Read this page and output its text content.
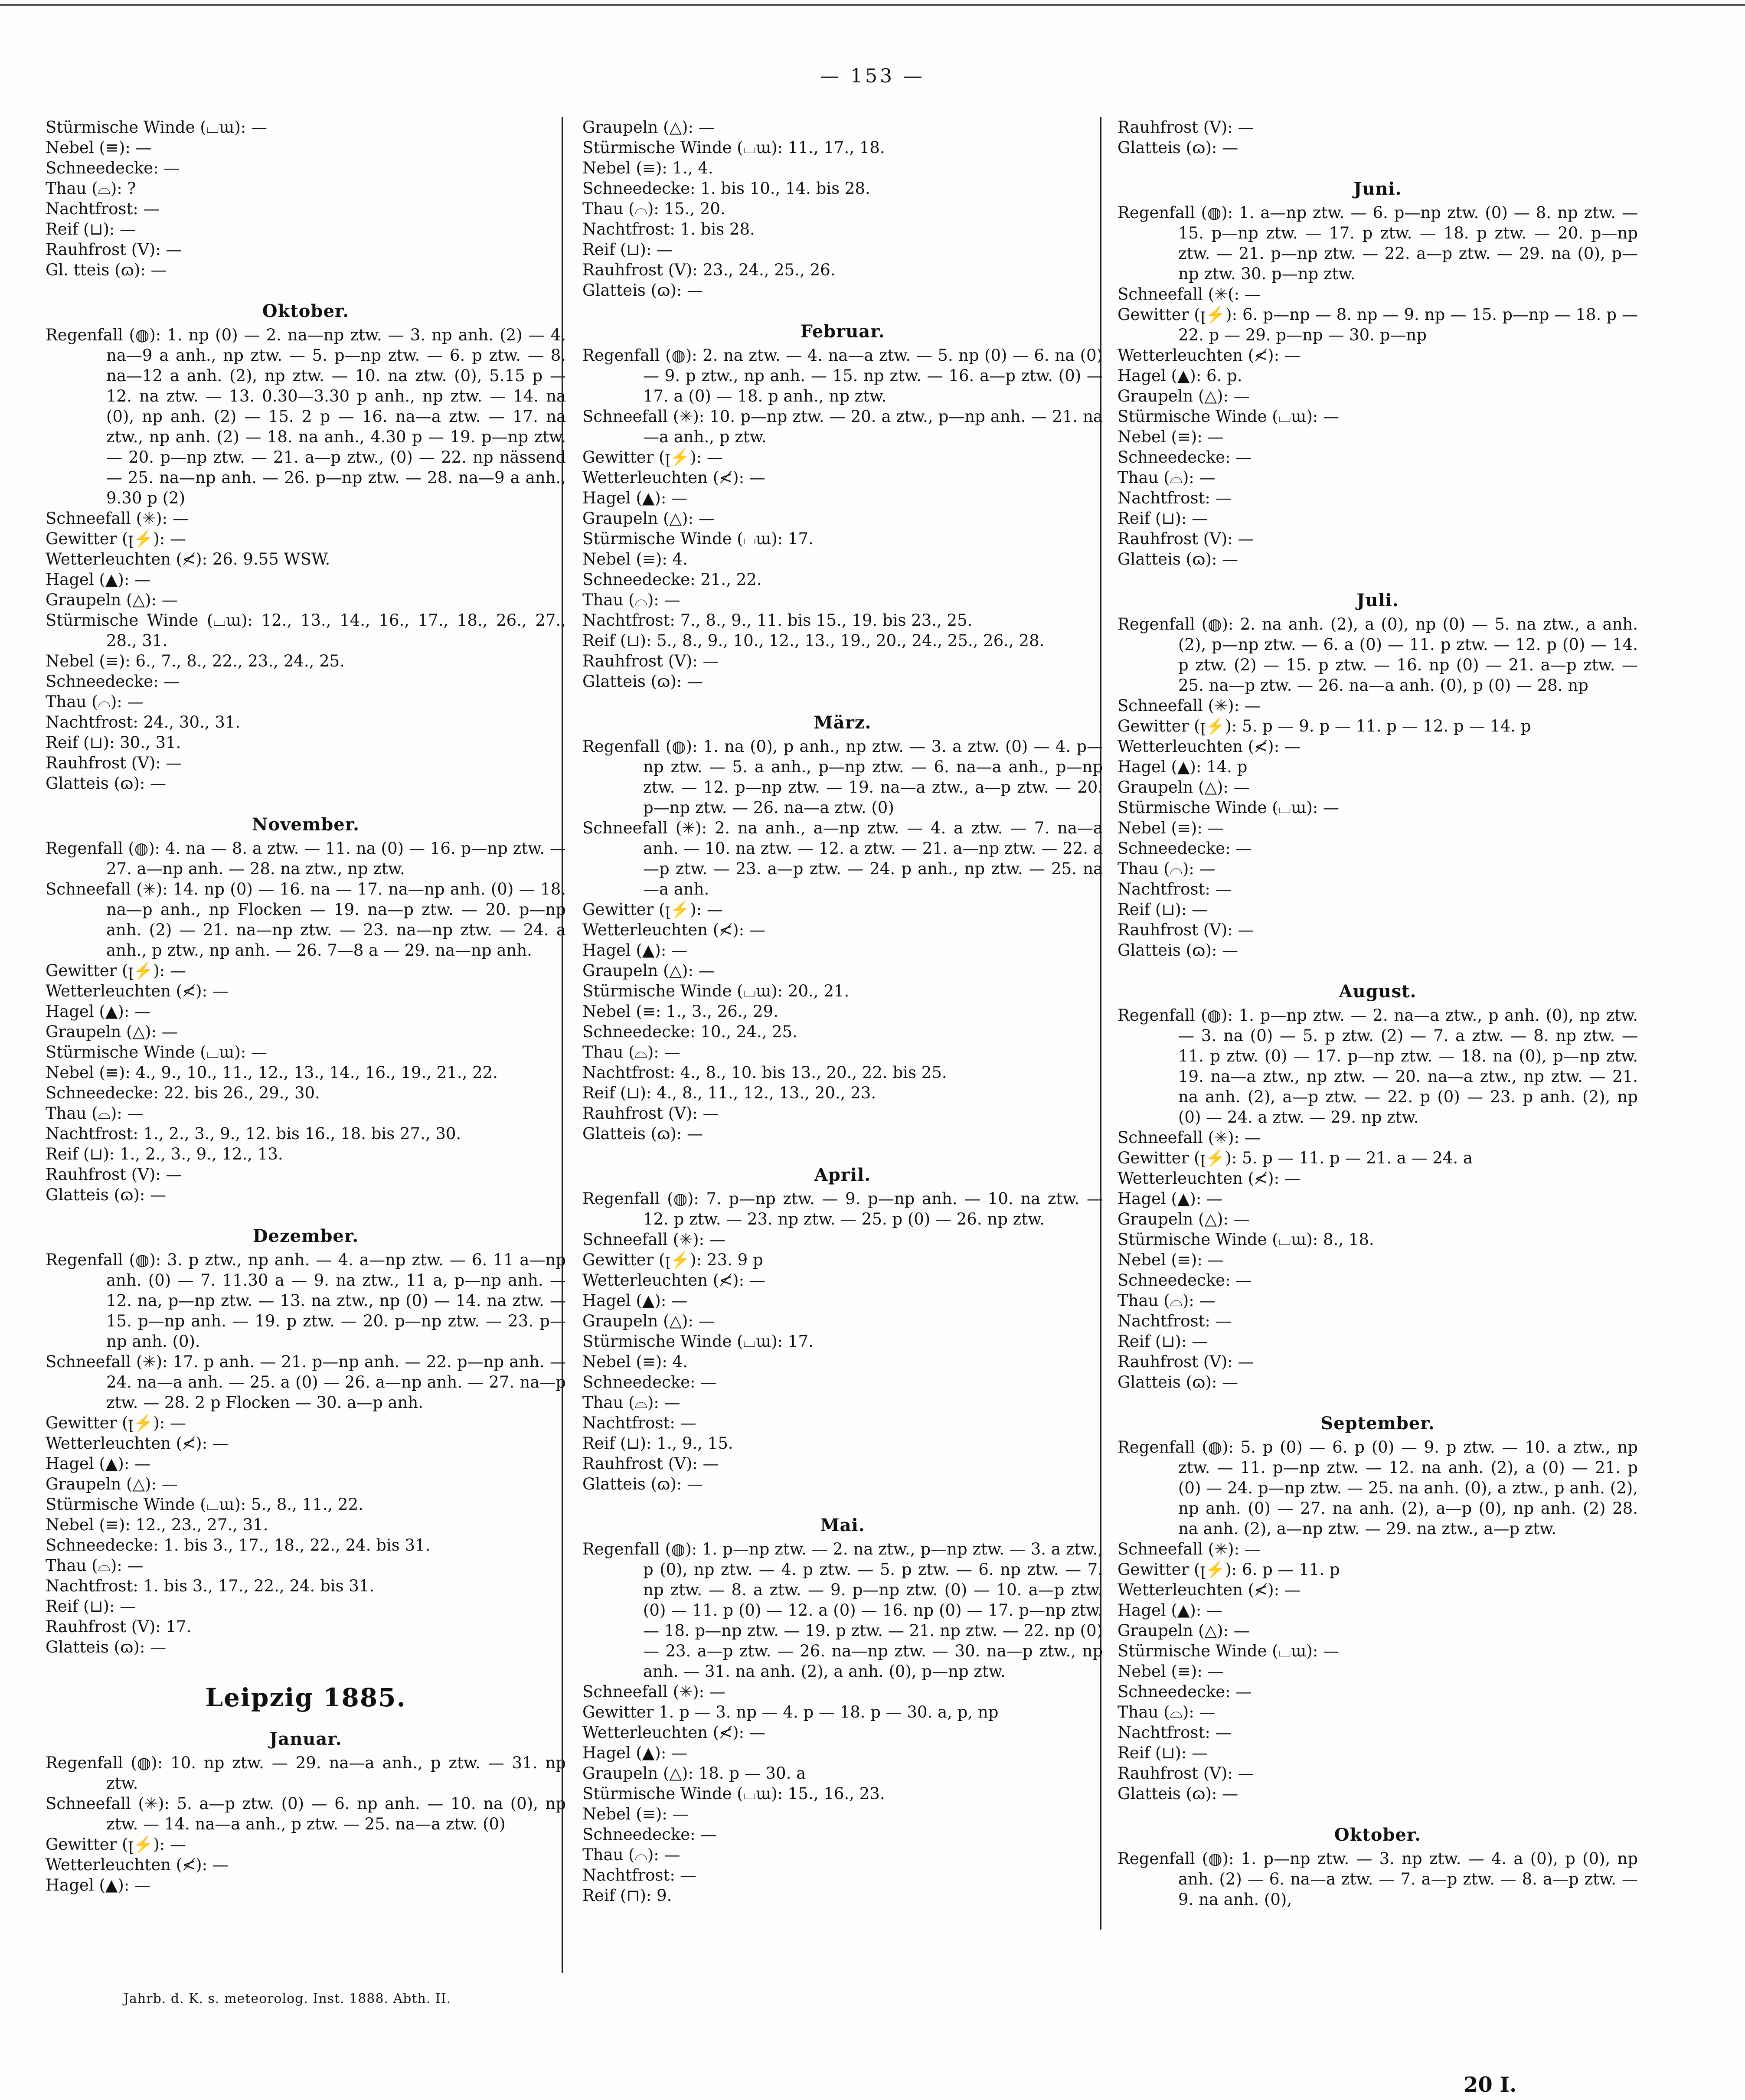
— 153 —
Stürmische Winde (⌴ɯ): —
Nebel (≡): —
Schneedecke: —
Thau (⌓): ?
Nachtfrost: —
Reif (⊔): —
Rauhfrost (V): —
Gl. tteis (ɷ): —
Oktober.
Regenfall (◍): 1. np (0) — 2. na—np ztw. — 3. np anh. (2) — 4. na—9 a anh., np ztw. — 5. p—np ztw. — 6. p ztw. — 8. na—12 a anh. (2), np ztw. — 10. na ztw. (0), 5.15 p — 12. na ztw. — 13. 0.30—3.30 p anh., np ztw. — 14. na (0), np anh. (2) — 15. 2 p — 16. na—a ztw. — 17. na ztw., np anh. (2) — 18. na anh., 4.30 p — 19. p—np ztw. — 20. p—np ztw. — 21. a—p ztw., (0) — 22. np nässend — 25. na—np anh. — 26. p—np ztw. — 28. na—9 a anh., 9.30 p (2)
Schneefall (✳): —
Gewitter (ꞁ⚡): —
Wetterleuchten (≮): 26. 9.55 WSW.
Hagel (▲): —
Graupeln (△): —
Stürmische Winde (⌴ɯ): 12., 13., 14., 16., 17., 18., 26., 27., 28., 31.
Nebel (≡): 6., 7., 8., 22., 23., 24., 25.
Schneedecke: —
Thau (⌓): —
Nachtfrost: 24., 30., 31.
Reif (⊔): 30., 31.
Rauhfrost (V): —
Glatteis (ɷ): —
November.
Regenfall (◍): 4. na — 8. a ztw. — 11. na (0) — 16. p—np ztw. — 27. a—np anh. — 28. na ztw., np ztw.
Schneefall (✳): 14. np (0) — 16. na — 17. na—np anh. (0) — 18. na—p anh., np Flocken — 19. na—p ztw. — 20. p—np anh. (2) — 21. na—np ztw. — 23. na—np ztw. — 24. a anh., p ztw., np anh. — 26. 7—8 a — 29. na—np anh.
Gewitter (ꞁ⚡): —
Wetterleuchten (≮): —
Hagel (▲): —
Graupeln (△): —
Stürmische Winde (⌴ɯ): —
Nebel (≡): 4., 9., 10., 11., 12., 13., 14., 16., 19., 21., 22.
Schneedecke: 22. bis 26., 29., 30.
Thau (⌓): —
Nachtfrost: 1., 2., 3., 9., 12. bis 16., 18. bis 27., 30.
Reif (⊔): 1., 2., 3., 9., 12., 13.
Rauhfrost (V): —
Glatteis (ɷ): —
Dezember.
Regenfall (◍): 3. p ztw., np anh. — 4. a—np ztw. — 6. 11 a—np anh. (0) — 7. 11.30 a — 9. na ztw., 11 a, p—np anh. — 12. na, p—np ztw. — 13. na ztw., np (0) — 14. na ztw. — 15. p—np anh. — 19. p ztw. — 20. p—np ztw. — 23. p—np anh. (0).
Schneefall (✳): 17. p anh. — 21. p—np anh. — 22. p—np anh. — 24. na—a anh. — 25. a (0) — 26. a—np anh. — 27. na—p ztw. — 28. 2 p Flocken — 30. a—p anh.
Gewitter (ꞁ⚡): —
Wetterleuchten (≮): —
Hagel (▲): —
Graupeln (△): —
Stürmische Winde (⌴ɯ): 5., 8., 11., 22.
Nebel (≡): 12., 23., 27., 31.
Schneedecke: 1. bis 3., 17., 18., 22., 24. bis 31.
Thau (⌓): —
Nachtfrost: 1. bis 3., 17., 22., 24. bis 31.
Reif (⊔): —
Rauhfrost (V): 17.
Glatteis (ɷ): —
Leipzig 1885.
Januar.
Regenfall (◍): 10. np ztw. — 29. na—a anh., p ztw. — 31. np ztw.
Schneefall (✳): 5. a—p ztw. (0) — 6. np anh. — 10. na (0), np ztw. — 14. na—a anh., p ztw. — 25. na—a ztw. (0)
Gewitter (ꞁ⚡): —
Wetterleuchten (≮): —
Hagel (▲): —
Graupeln (△): —
Stürmische Winde (⌴ɯ): 11., 17., 18.
Nebel (≡): 1., 4.
Schneedecke: 1. bis 10., 14. bis 28.
Thau (⌓): 15., 20.
Nachtfrost: 1. bis 28.
Reif (⊔): —
Rauhfrost (V): 23., 24., 25., 26.
Glatteis (ɷ): —
Februar.
Regenfall (◍): 2. na ztw. — 4. na—a ztw. — 5. np (0) — 6. na (0) — 9. p ztw., np anh. — 15. np ztw. — 16. a—p ztw. (0) — 17. a (0) — 18. p anh., np ztw.
Schneefall (✳): 10. p—np ztw. — 20. a ztw., p—np anh. — 21. na—a anh., p ztw.
Gewitter (ꞁ⚡): —
Wetterleuchten (≮): —
Hagel (▲): —
Graupeln (△): —
Stürmische Winde (⌴ɯ): 17.
Nebel (≡): 4.
Schneedecke: 21., 22.
Thau (⌓): —
Nachtfrost: 7., 8., 9., 11. bis 15., 19. bis 23., 25.
Reif (⊔): 5., 8., 9., 10., 12., 13., 19., 20., 24., 25., 26., 28.
Rauhfrost (V): —
Glatteis (ɷ): —
März.
Regenfall (◍): 1. na (0), p anh., np ztw. — 3. a ztw. (0) — 4. p—np ztw. — 5. a anh., p—np ztw. — 6. na—a anh., p—np ztw. — 12. p—np ztw. — 19. na—a ztw., a—p ztw. — 20. p—np ztw. — 26. na—a ztw. (0)
Schneefall (✳): 2. na anh., a—np ztw. — 4. a ztw. — 7. na—a anh. — 10. na ztw. — 12. a ztw. — 21. a—np ztw. — 22. a—p ztw. — 23. a—p ztw. — 24. p anh., np ztw. — 25. na—a anh.
Gewitter (ꞁ⚡): —
Wetterleuchten (≮): —
Hagel (▲): —
Graupeln (△): —
Stürmische Winde (⌴ɯ): 20., 21.
Nebel (≡: 1., 3., 26., 29.
Schneedecke: 10., 24., 25.
Thau (⌓): —
Nachtfrost: 4., 8., 10. bis 13., 20., 22. bis 25.
Reif (⊔): 4., 8., 11., 12., 13., 20., 23.
Rauhfrost (V): —
Glatteis (ɷ): —
April.
Regenfall (◍): 7. p—np ztw. — 9. p—np anh. — 10. na ztw. — 12. p ztw. — 23. np ztw. — 25. p (0) — 26. np ztw.
Schneefall (✳): —
Gewitter (ꞁ⚡): 23. 9 p
Wetterleuchten (≮): —
Hagel (▲): —
Graupeln (△): —
Stürmische Winde (⌴ɯ): 17.
Nebel (≡): 4.
Schneedecke: —
Thau (⌓): —
Nachtfrost: —
Reif (⊔): 1., 9., 15.
Rauhfrost (V): —
Glatteis (ɷ): —
Mai.
Regenfall (◍): 1. p—np ztw. — 2. na ztw., p—np ztw. — 3. a ztw., p (0), np ztw. — 4. p ztw. — 5. p ztw. — 6. np ztw. — 7. np ztw. — 8. a ztw. — 9. p—np ztw. (0) — 10. a—p ztw. (0) — 11. p (0) — 12. a (0) — 16. np (0) — 17. p—np ztw. — 18. p—np ztw. — 19. p ztw. — 21. np ztw. — 22. np (0) — 23. a—p ztw. — 26. na—np ztw. — 30. na—p ztw., np anh. — 31. na anh. (2), a anh. (0), p—np ztw.
Schneefall (✳): —
Gewitter 1. p — 3. np — 4. p — 18. p — 30. a, p, np
Wetterleuchten (≮): —
Hagel (▲): —
Graupeln (△): 18. p — 30. a
Stürmische Winde (⌴ɯ): 15., 16., 23.
Nebel (≡): —
Schneedecke: —
Thau (⌓): —
Nachtfrost: —
Reif (⊓): 9.
Rauhfrost (V): —
Glatteis (ɷ): —
Juni.
Regenfall (◍): 1. a—np ztw. — 6. p—np ztw. (0) — 8. np ztw. — 15. p—np ztw. — 17. p ztw. — 18. p ztw. — 20. p—np ztw. — 21. p—np ztw. — 22. a—p ztw. — 29. na (0), p—np ztw. 30. p—np ztw.
Schneefall (✳(: —
Gewitter (ꞁ⚡): 6. p—np — 8. np — 9. np — 15. p—np — 18. p — 22. p — 29. p—np — 30. p—np
Wetterleuchten (≮): —
Hagel (▲): 6. p.
Graupeln (△): —
Stürmische Winde (⌴ɯ): —
Nebel (≡): —
Schneedecke: —
Thau (⌓): —
Nachtfrost: —
Reif (⊔): —
Rauhfrost (V): —
Glatteis (ɷ): —
Juli.
Regenfall (◍): 2. na anh. (2), a (0), np (0) — 5. na ztw., a anh. (2), p—np ztw. — 6. a (0) — 11. p ztw. — 12. p (0) — 14. p ztw. (2) — 15. p ztw. — 16. np (0) — 21. a—p ztw. — 25. na—p ztw. — 26. na—a anh. (0), p (0) — 28. np
Schneefall (✳): —
Gewitter (ꞁ⚡): 5. p — 9. p — 11. p — 12. p — 14. p
Wetterleuchten (≮): —
Hagel (▲): 14. p
Graupeln (△): —
Stürmische Winde (⌴ɯ): —
Nebel (≡): —
Schneedecke: —
Thau (⌓): —
Nachtfrost: —
Reif (⊔): —
Rauhfrost (V): —
Glatteis (ɷ): —
August.
Regenfall (◍): 1. p—np ztw. — 2. na—a ztw., p anh. (0), np ztw. — 3. na (0) — 5. p ztw. (2) — 7. a ztw. — 8. np ztw. — 11. p ztw. (0) — 17. p—np ztw. — 18. na (0), p—np ztw. 19. na—a ztw., np ztw. — 20. na—a ztw., np ztw. — 21. na anh. (2), a—p ztw. — 22. p (0) — 23. p anh. (2), np (0) — 24. a ztw. — 29. np ztw.
Schneefall (✳): —
Gewitter (ꞁ⚡): 5. p — 11. p — 21. a — 24. a
Wetterleuchten (≮): —
Hagel (▲): —
Graupeln (△): —
Stürmische Winde (⌴ɯ): 8., 18.
Nebel (≡): —
Schneedecke: —
Thau (⌓): —
Nachtfrost: —
Reif (⊔): —
Rauhfrost (V): —
Glatteis (ɷ): —
September.
Regenfall (◍): 5. p (0) — 6. p (0) — 9. p ztw. — 10. a ztw., np ztw. — 11. p—np ztw. — 12. na anh. (2), a (0) — 21. p (0) — 24. p—np ztw. — 25. na anh. (0), a ztw., p anh. (2), np anh. (0) — 27. na anh. (2), a—p (0), np anh. (2) 28. na anh. (2), a—np ztw. — 29. na ztw., a—p ztw.
Schneefall (✳): —
Gewitter (ꞁ⚡): 6. p — 11. p
Wetterleuchten (≮): —
Hagel (▲): —
Graupeln (△): —
Stürmische Winde (⌴ɯ): —
Nebel (≡): —
Schneedecke: —
Thau (⌓): —
Nachtfrost: —
Reif (⊔): —
Rauhfrost (V): —
Glatteis (ɷ): —
Oktober.
Regenfall (◍): 1. p—np ztw. — 3. np ztw. — 4. a (0), p (0), np anh. (2) — 6. na—a ztw. — 7. a—p ztw. — 8. a—p ztw. — 9. na anh. (0),
Jahrb. d. K. s. meteorolog. Inst. 1888. Abth. II.
20 I.
